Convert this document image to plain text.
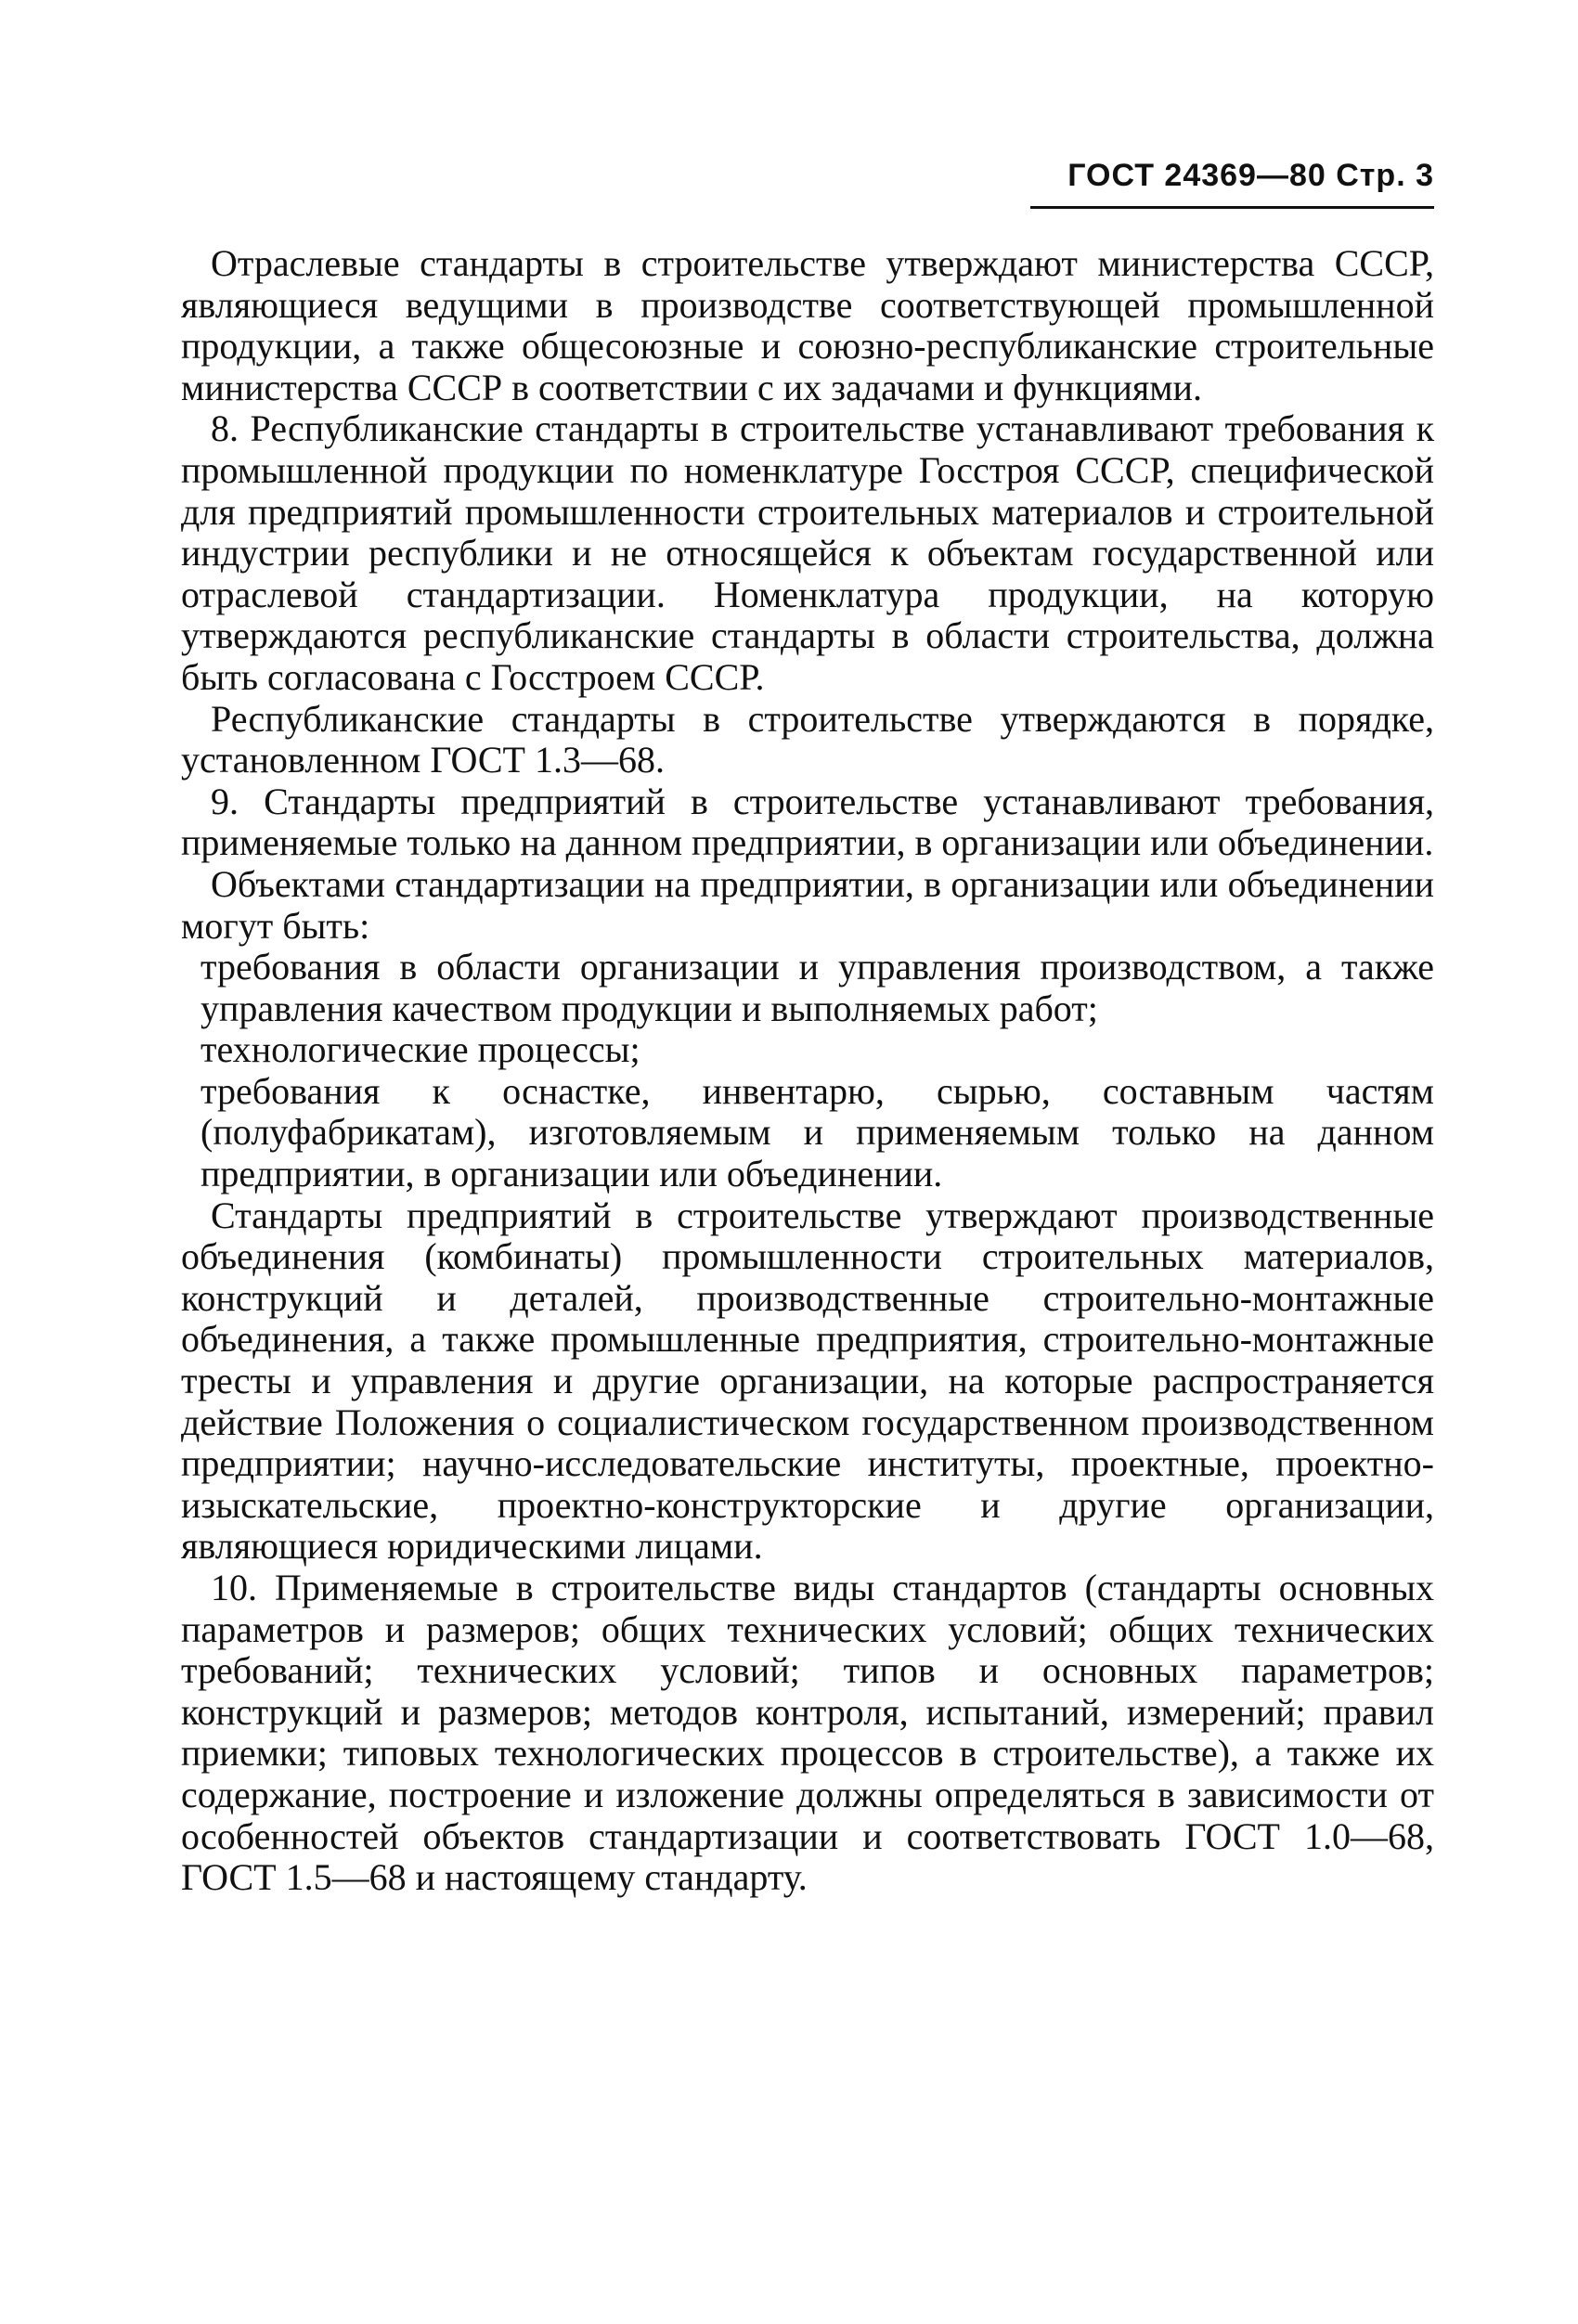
ГОСТ 24369—80 Стр. 3

Отраслевые стандарты в строительстве утверждают министерства СССР, являющиеся ведущими в производстве соответствующей промышленной продукции, а также общесоюзные и союзно-республиканские строительные министерства СССР в соответствии с их задачами и функциями.

8. Республиканские стандарты в строительстве устанавливают требования к промышленной продукции по номенклатуре Госстроя СССР, специфической для предприятий промышленности строительных материалов и строительной индустрии республики и не относящейся к объектам государственной или отраслевой стандартизации. Номенклатура продукции, на которую утверждаются республиканские стандарты в области строительства, должна быть согласована с Госстроем СССР.

Республиканские стандарты в строительстве утверждаются в порядке, установленном ГОСТ 1.3—68.

9. Стандарты предприятий в строительстве устанавливают требования, применяемые только на данном предприятии, в организации или объединении.

Объектами стандартизации на предприятии, в организации или объединении могут быть:

требования в области организации и управления производством, а также управления качеством продукции и выполняемых работ;

технологические процессы;

требования к оснастке, инвентарю, сырью, составным частям (полуфабрикатам), изготовляемым и применяемым только на данном предприятии, в организации или объединении.

Стандарты предприятий в строительстве утверждают производственные объединения (комбинаты) промышленности строительных материалов, конструкций и деталей, производственные строительно-монтажные объединения, а также промышленные предприятия, строительно-монтажные тресты и управления и другие организации, на которые распространяется действие Положения о социалистическом государственном производственном предприятии; научно-исследовательские институты, проектные, проектно-изыскательские, проектно-конструкторские и другие организации, являющиеся юридическими лицами.

10. Применяемые в строительстве виды стандартов (стандарты основных параметров и размеров; общих технических условий; общих технических требований; технических условий; типов и основных параметров; конструкций и размеров; методов контроля, испытаний, измерений; правил приемки; типовых технологических процессов в строительстве), а также их содержание, построение и изложение должны определяться в зависимости от особенностей объектов стандартизации и соответствовать ГОСТ 1.0—68, ГОСТ 1.5—68 и настоящему стандарту.
